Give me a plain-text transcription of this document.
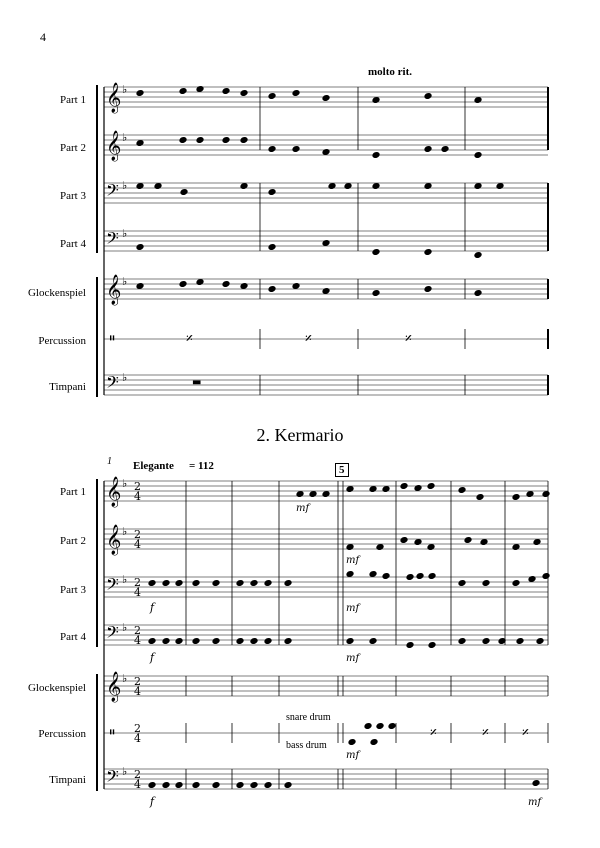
4
Part 1
Part 2
Part 3
Part 4
Glockenspiel
Percussion
Timpani
molto rit.
2. Kermario
Part 1
Part 2
Part 3
Part 4
Glockenspiel
Percussion
Timpani
1 Elegante = 112	5
snare drum
bass drum
𝄞 ♭
𝄞 ♭
𝄢 ♭
𝄢 ♭
𝄞 ♭
𝄥
𝄢 ♭
𝄎	𝄎	𝄎
▬
𝄞 ♭ 2
4
𝄞 ♭ 2
4
𝄢 ♭ 2
4
𝄢 ♭ 2
4
𝄞 ♭ 2
4
𝄥 2
4
𝄢 ♭ 2
4
𝄎	𝄎 𝄎
f
f
f
mf
mf
mf
mf
mf
mf
